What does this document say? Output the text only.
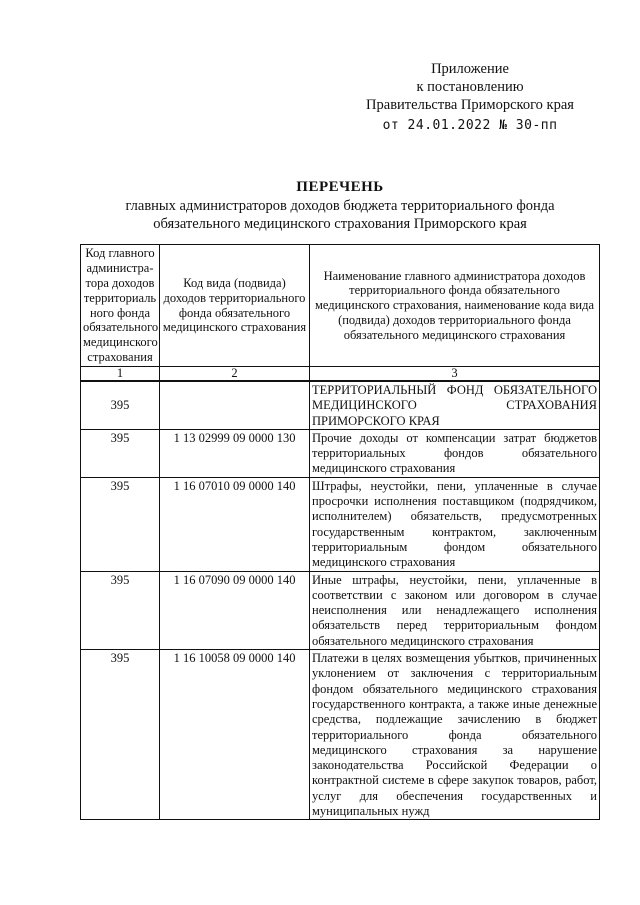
Приложение
к постановлению
Правительства Приморского края
от 24.01.2022 № 30-пп
ПЕРЕЧЕНЬ
главных администраторов доходов бюджета территориального фонда
обязательного медицинского страхования Приморского края
Код главного администра-тора доходов территориаль ного фонда обязательного медицинского страхования	Код вида (подвида) доходов территориального фонда обязательного медицинского страхования	Наименование главного администратора доходов территориального фонда обязательного медицинского страхования, наименование кода вида (подвида) доходов территориального фонда обязательного медицинского страхования
1	2	3
395		ТЕРРИТОРИАЛЬНЫЙ ФОНД ОБЯЗАТЕЛЬНОГО МЕДИЦИНСКОГО СТРАХОВАНИЯ ПРИМОРСКОГО КРАЯ
395	1 13 02999 09 0000 130	Прочие доходы от компенсации затрат бюджетов территориальных фондов обязательного медицинского страхования
395	1 16 07010 09 0000 140	Штрафы, неустойки, пени, уплаченные в случае просрочки исполнения поставщиком (подрядчиком, исполнителем) обязательств, предусмотренных государственным контрактом, заключенным территориальным фондом обязательного медицинского страхования
395	1 16 07090 09 0000 140	Иные штрафы, неустойки, пени, уплаченные в соответствии с законом или договором в случае неисполнения или ненадлежащего исполнения обязательств перед территориальным фондом обязательного медицинского страхования
395	1 16 10058 09 0000 140	Платежи в целях возмещения убытков, причиненных уклонением от заключения с территориальным фондом обязательного медицинского страхования государственного контракта, а также иные денежные средства, подлежащие зачислению в бюджет территориального фонда обязательного медицинского страхования за нарушение законодательства Российской Федерации о контрактной системе в сфере закупок товаров, работ, услуг для обеспечения государственных и муниципальных нужд
